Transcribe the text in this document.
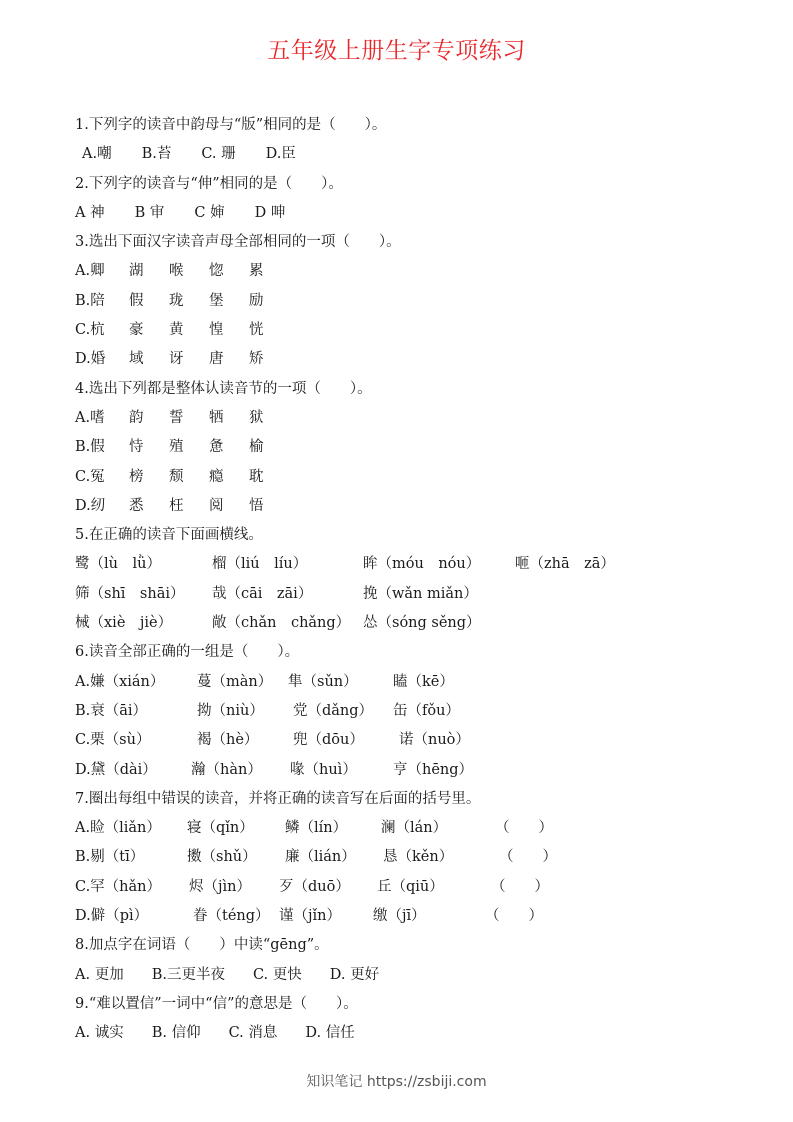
五年级上册生字专项练习
1.下列字的读音中韵母与“版”相同的是（　　）。
A.嘲 B.苔 C. 珊 D.臣
2.下列字的读音与“伸”相同的是（　　）。
A 神 B 审 C 婶 D 呻
3.选出下面汉字读音声母全部相同的一项（　　）。
A.卿 湖 喉 惚 累
B.陪 假 珑 堡 励
C.杭 豪 黄 惶 恍
D.婚 域 讶 唐 矫
4.选出下列都是整体认读音节的一项（　　）。
A.嗜 韵 誓 牺 狱
B.假 恃 殖 惫 榆
C.冤 榜 颓 瘾 耽
D.纫 悉 枉 阅 悟
5.在正确的读音下面画横线。
鹭（lù　lǜ）	榴（liú　líu）	眸（móu　nóu） 咂（zhā　zā）
筛（shī　shāi） 哉（cāi　zāi）	挽（wǎn miǎn）
械（xiè　jiè）	敞（chǎn　chǎng） 怂（sóng sěng）
6.读音全部正确的一组是（　　）。
A.嫌（xián） 蔓（màn） 隼（sǔn） 瞌（kē）
B.衰（āi）	拗（niù） 党（dǎng） 缶（fǒu）
C.栗（sù）	褐（hè） 兜（dōu） 诺（nuò）
D.黛（dài） 瀚（hàn） 喙（huì） 亨（hēng）
7.圈出每组中错误的读音，并将正确的读音写在后面的括号里。
A.睑（liǎn） 寝（qǐn） 鳞（lín） 澜（lán）	（　　）
B.剔（tī）	擞（shǔ） 廉（lián） 恳（kěn）	（　　）
C.罕（hǎn） 烬（jìn） 歹（duō） 丘（qiū）	（　　）
D.僻（pì）	眷（téng） 谨（jǐn） 缴（jī）	（　　）
8.加点字在词语（　　）中读“gēng”。
A. 更加 B.三更半夜 C. 更快 D. 更好
9.“难以置信”一词中“信”的意思是（　　）。
A. 诚实 B. 信仰 C. 消息 D. 信任
知识笔记 https://zsbiji.com
